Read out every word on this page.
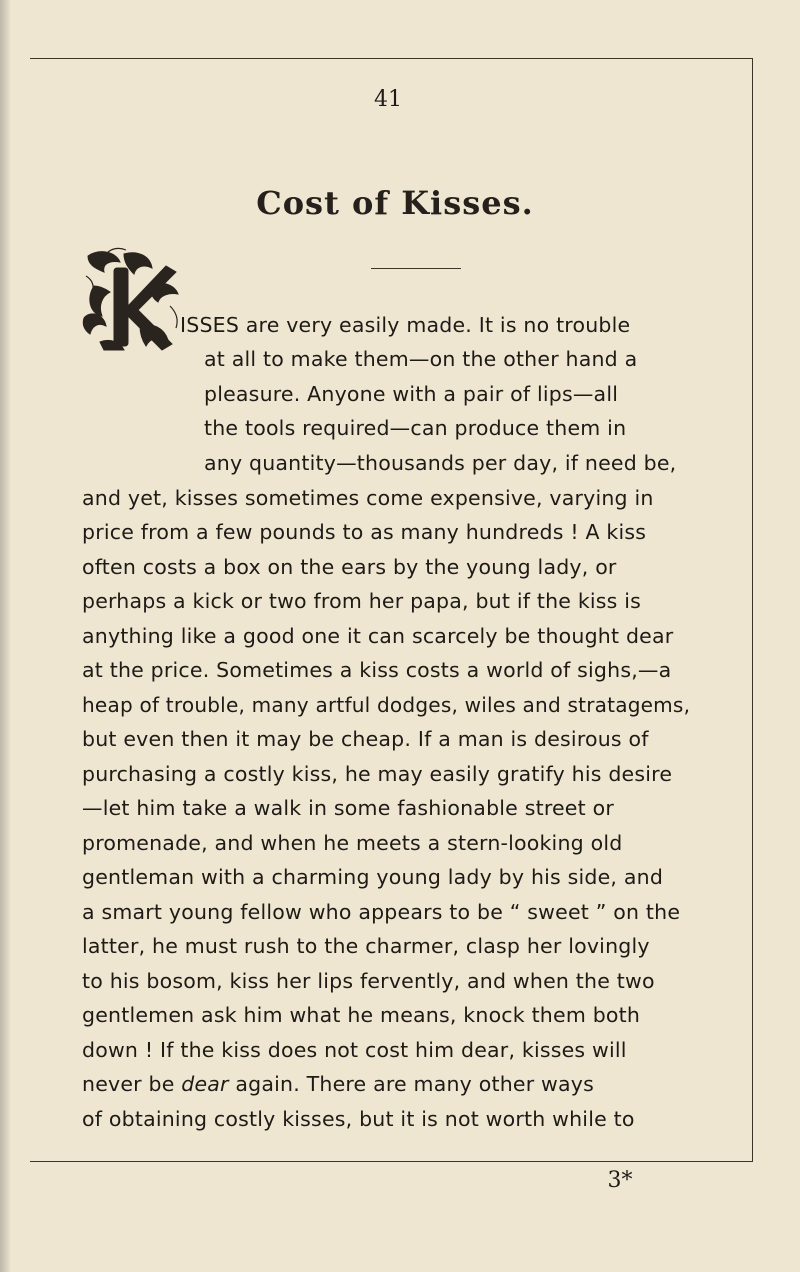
41
Cost of Kisses.
ISSES are very easily made. It is no trouble
at all to make them—on the other hand a
pleasure. Anyone with a pair of lips—all
the tools required—can produce them in
any quantity—thousands per day, if need be,
and yet, kisses sometimes come expensive, varying in
price from a few pounds to as many hundreds ! A kiss
often costs a box on the ears by the young lady, or
perhaps a kick or two from her papa, but if the kiss is
anything like a good one it can scarcely be thought dear
at the price. Sometimes a kiss costs a world of sighs,—a
heap of trouble, many artful dodges, wiles and stratagems,
but even then it may be cheap. If a man is desirous of
purchasing a costly kiss, he may easily gratify his desire
—let him take a walk in some fashionable street or
promenade, and when he meets a stern-looking old
gentleman with a charming young lady by his side, and
a smart young fellow who appears to be “ sweet ” on the
latter, he must rush to the charmer, clasp her lovingly
to his bosom, kiss her lips fervently, and when the two
gentlemen ask him what he means, knock them both
down ! If the kiss does not cost him dear, kisses will
never be dear again. There are many other ways
of obtaining costly kisses, but it is not worth while to
3*
